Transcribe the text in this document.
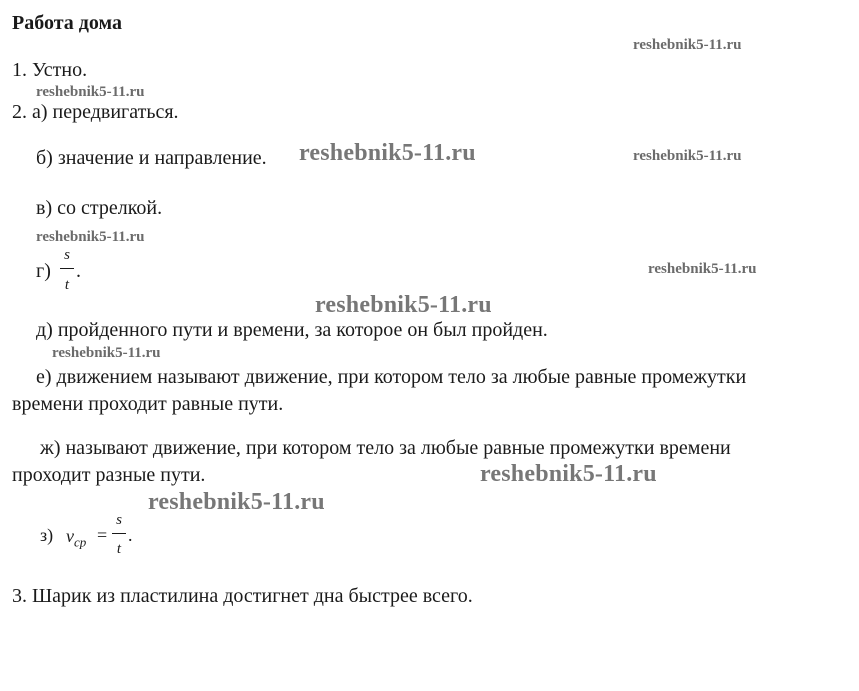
Работа дома
reshebnik5-11.ru
reshebnik5-11.ru
reshebnik5-11.ru	reshebnik5-11.ru
reshebnik5-11.ru
reshebnik5-11.ru
reshebnik5-11.ru
reshebnik5-11.ru
reshebnik5-11.ru
reshebnik5-11.ru
1. Устно.
2. а) передвигаться.
б) значение и направление.
в) со стрелкой.
г)
s
t
.
д) пройденного пути и времени, за которое он был пройден.
е) движением называют движение, при котором тело за любые равные промежутки
времени проходит равные пути.
ж) называют движение, при котором тело за любые равные промежутки времени
проходит разные пути.
з) $v_{ср}$ =
s
t
.
3. Шарик из пластилина достигнет дна быстрее всего.
